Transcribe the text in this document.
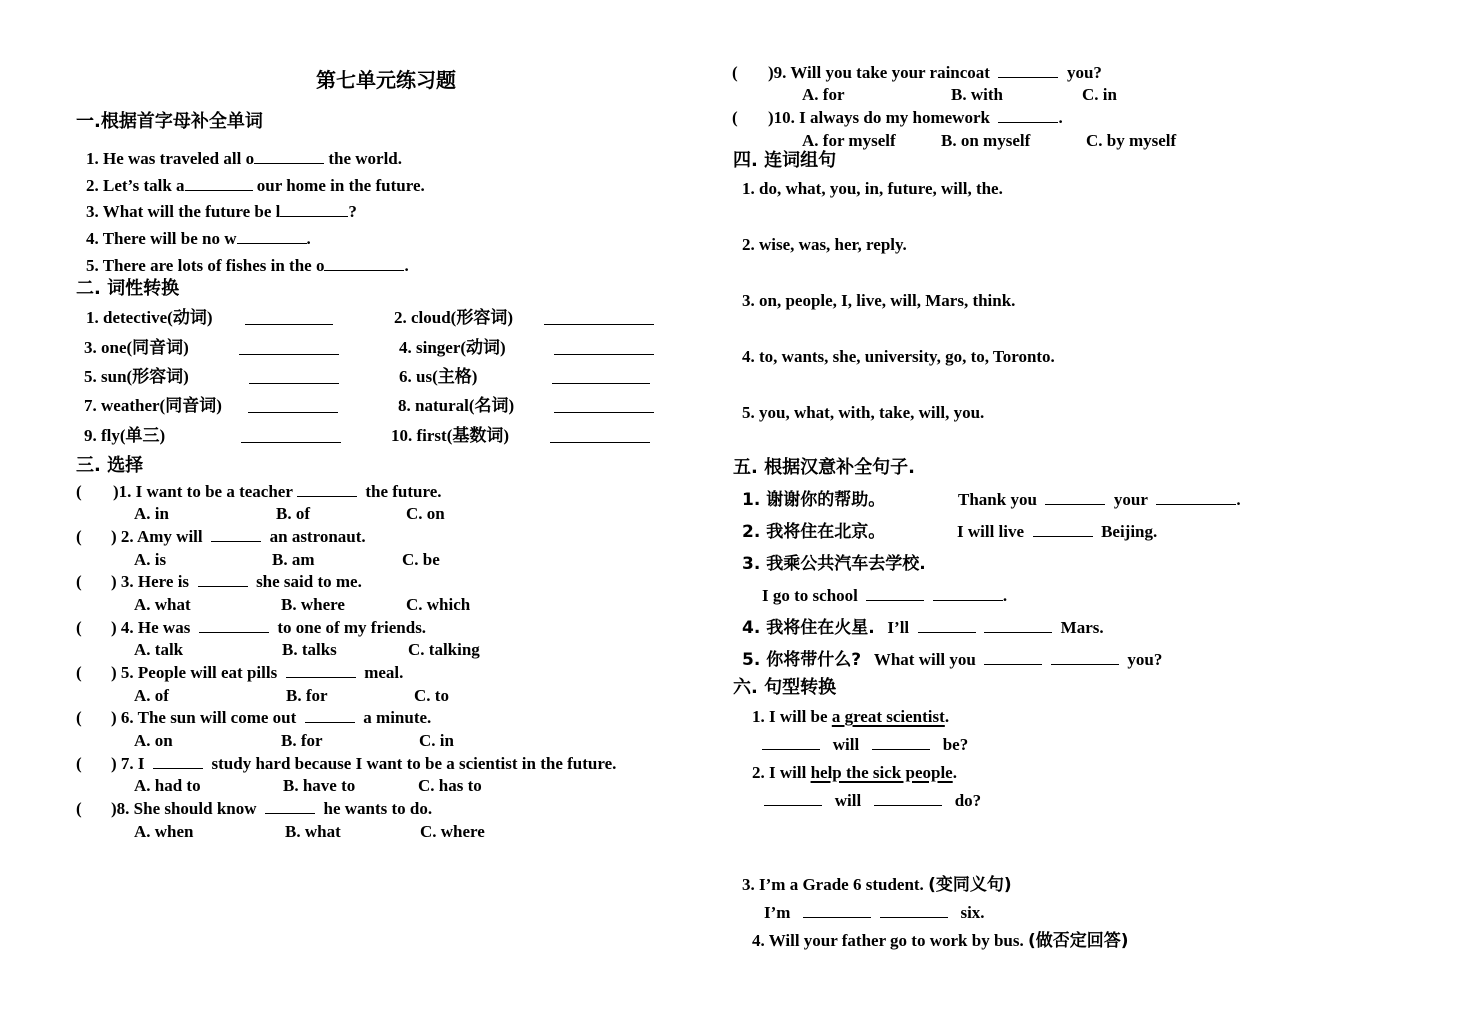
第七单元练习题
一.根据首字母补全单词
1. He was traveled all o	the world.
2. Let’s talk a	our home in the future.
3. What will the future be l	?
4. There will be no w	.
5. There are lots of fishes in the o	.
二. 词性转换
1. detective(动词)	2. cloud(形容词)
3. one(同音词)	4. singer(动词)
5. sun(形容词)	6. us(主格)
7. weather(同音词)	8. natural(名词)
9. fly(单三)	10. first(基数词)
三. 选择
( )1. I want to be a teacher	the future.
A. in	B. of	C. on
( ) 2. Amy will	an astronaut.
A. is	B. am	C. be
( ) 3. Here is	she said to me.
A. what	B. where	C. which
( ) 4. He was	to one of my friends.
A. talk	B. talks	C. talking
( ) 5. People will eat pills	meal.
A. of	B. for	C. to
( ) 6. The sun will come out	a minute.
A. on	B. for	C. in
( ) 7. I	study hard because I want to be a scientist in the future.
A. had to	B. have to	C. has to
( )8. She should know	he wants to do.
A. when	B. what	C. where
( )9. Will you take your raincoat	you?
A. for	B. with	C. in
( )10. I always do my homework	.
A. for myself	B. on myself	C. by myself
四. 连词组句
1. do, what, you, in, future, will, the.
2. wise, was, her, reply.
3. on, people, I, live, will, Mars, think.
4. to, wants, she, university, go, to, Toronto.
5. you, what, with, take, will, you.
五. 根据汉意补全句子.
1. 谢谢你的帮助。	Thank you	your	.
2. 我将住在北京。	I will live	Beijing.
3. 我乘公共汽车去学校.
I go to school	.
4. 我将住在火星. I’ll	Mars.
5. 你将带什么? What will you	you?
六. 句型转换
1. I will be a great scientist.
will	be?
2. I will help the sick people.
will	do?
3. I’m a Grade 6 student. (变同义句)
I’m	six.
4. Will your father go to work by bus. (做否定回答)
